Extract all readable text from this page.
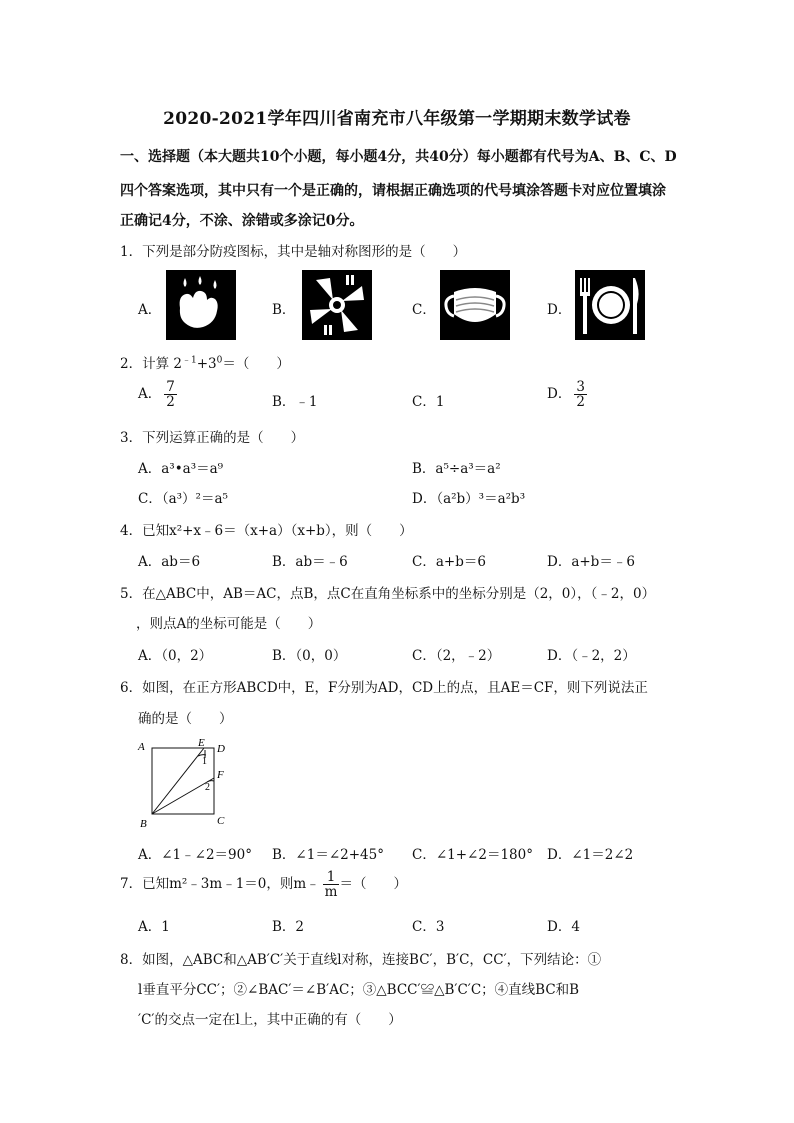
2020-2021学年四川省南充市八年级第一学期期末数学试卷
一、选择题（本大题共10个小题，每小题4分，共40分）每小题都有代号为A、B、C、D
四个答案选项，其中只有一个是正确的，请根据正确选项的代号填涂答题卡对应位置填涂
正确记4分，不涂、涂错或多涂记0分。
1．下列是部分防疫图标，其中是轴对称图形的是（　　）
A．	B．	C．	D．
2．计算 $2^{﹣1}+3^0=$（　　）
A． $\frac{7}{2}$	B．﹣1	C．1	D． $\frac{3}{2}$
3．下列运算正确的是（　　）
A．a³•a³＝a⁹	B．a⁵÷a³＝a²
C．（a³）²＝a⁵	D．（a²b）³＝a²b³
4．已知x²+x﹣6＝（x+a）（x+b），则（　　）
A．ab＝6	B．ab＝﹣6	C．a+b＝6	D．a+b＝﹣6
5．在△ABC中，AB＝AC，点B，点C在直角坐标系中的坐标分别是（2，0），（﹣2，0）
，则点A的坐标可能是（　　）
A．（0，2）	B．（0，0）	C．（2，﹣2）	D．（﹣2，2）
6．如图，在正方形ABCD中，E，F分别为AD，CD上的点，且AE＝CF，则下列说法正
确的是（　　）
A	E D
F
1
2
B	C
A．∠1﹣∠2＝90° B．∠1＝∠2+45° C．∠1+∠2＝180° D．∠1＝2∠2
7．已知m²﹣3m﹣1＝0，则m﹣ $\frac{1}{m}$ ＝（　　）
A．1	B．2	C．3	D．4
8．如图，△ABC和△AB′C′关于直线l对称，连接BC′，B′C，CC′，下列结论：①
l垂直平分CC′；②∠BAC′＝∠B′AC；③△BCC′≌△B′C′C；④直线BC和B
′C′的交点一定在l上，其中正确的有（　　）
